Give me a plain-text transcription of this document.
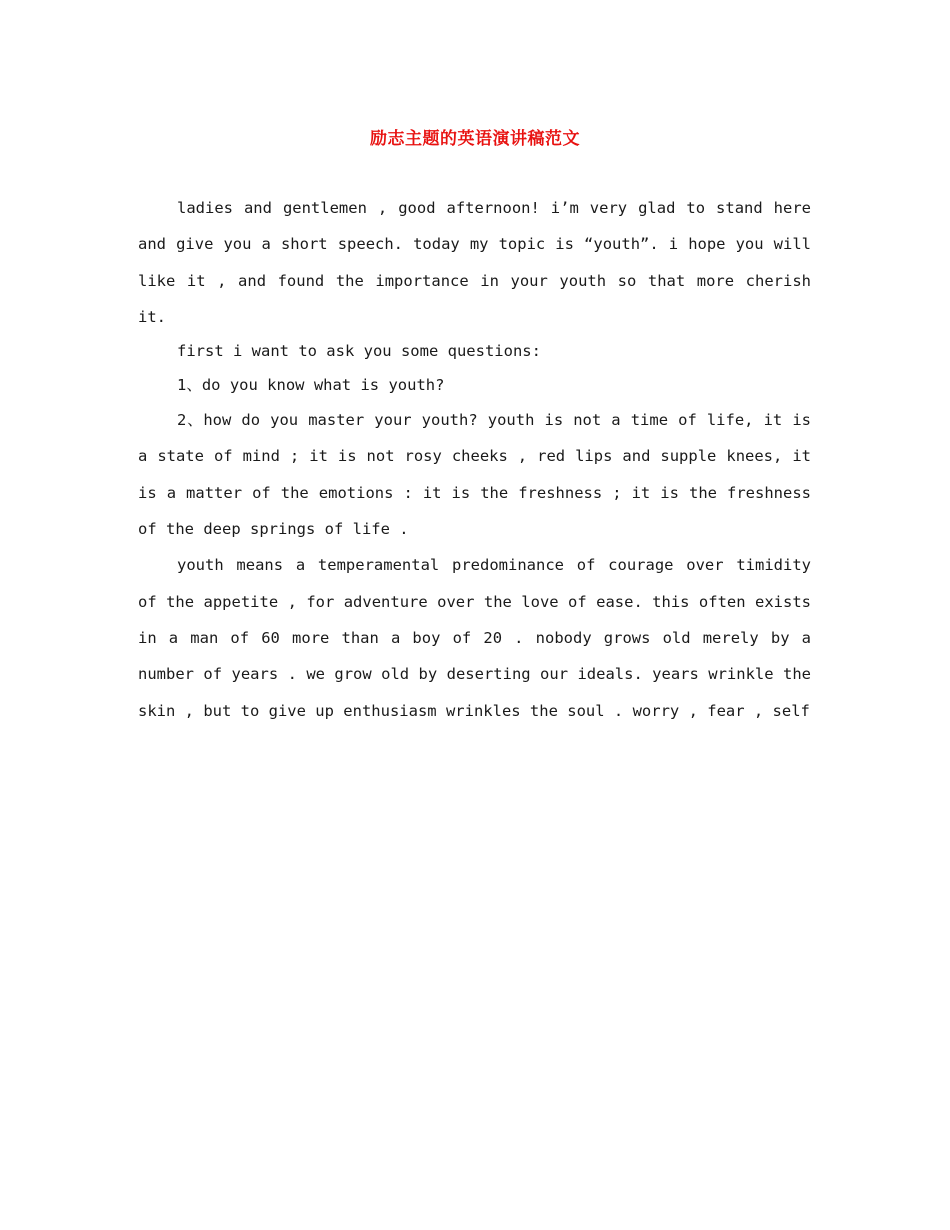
励志主题的英语演讲稿范文

ladies and gentlemen , good afternoon! i’m very glad to stand here and give you a short speech. today my topic is “youth”. i hope you will like it , and found the importance in your youth so that more cherish it.

first i want to ask you some questions:

1、do you know what is youth?

2、how do you master your youth? youth is not a time of life, it is a state of mind ; it is not rosy cheeks , red lips and supple knees, it is a matter of the emotions : it is the freshness ; it is the freshness of the deep springs of life .

youth means a temperamental predominance of courage over timidity of the appetite , for adventure over the love of ease. this often exists in a man of 60 more than a boy of 20 . nobody grows old merely by a number of years . we grow old by deserting our ideals. years wrinkle the skin , but to give up enthusiasm wrinkles the soul . worry , fear , self
